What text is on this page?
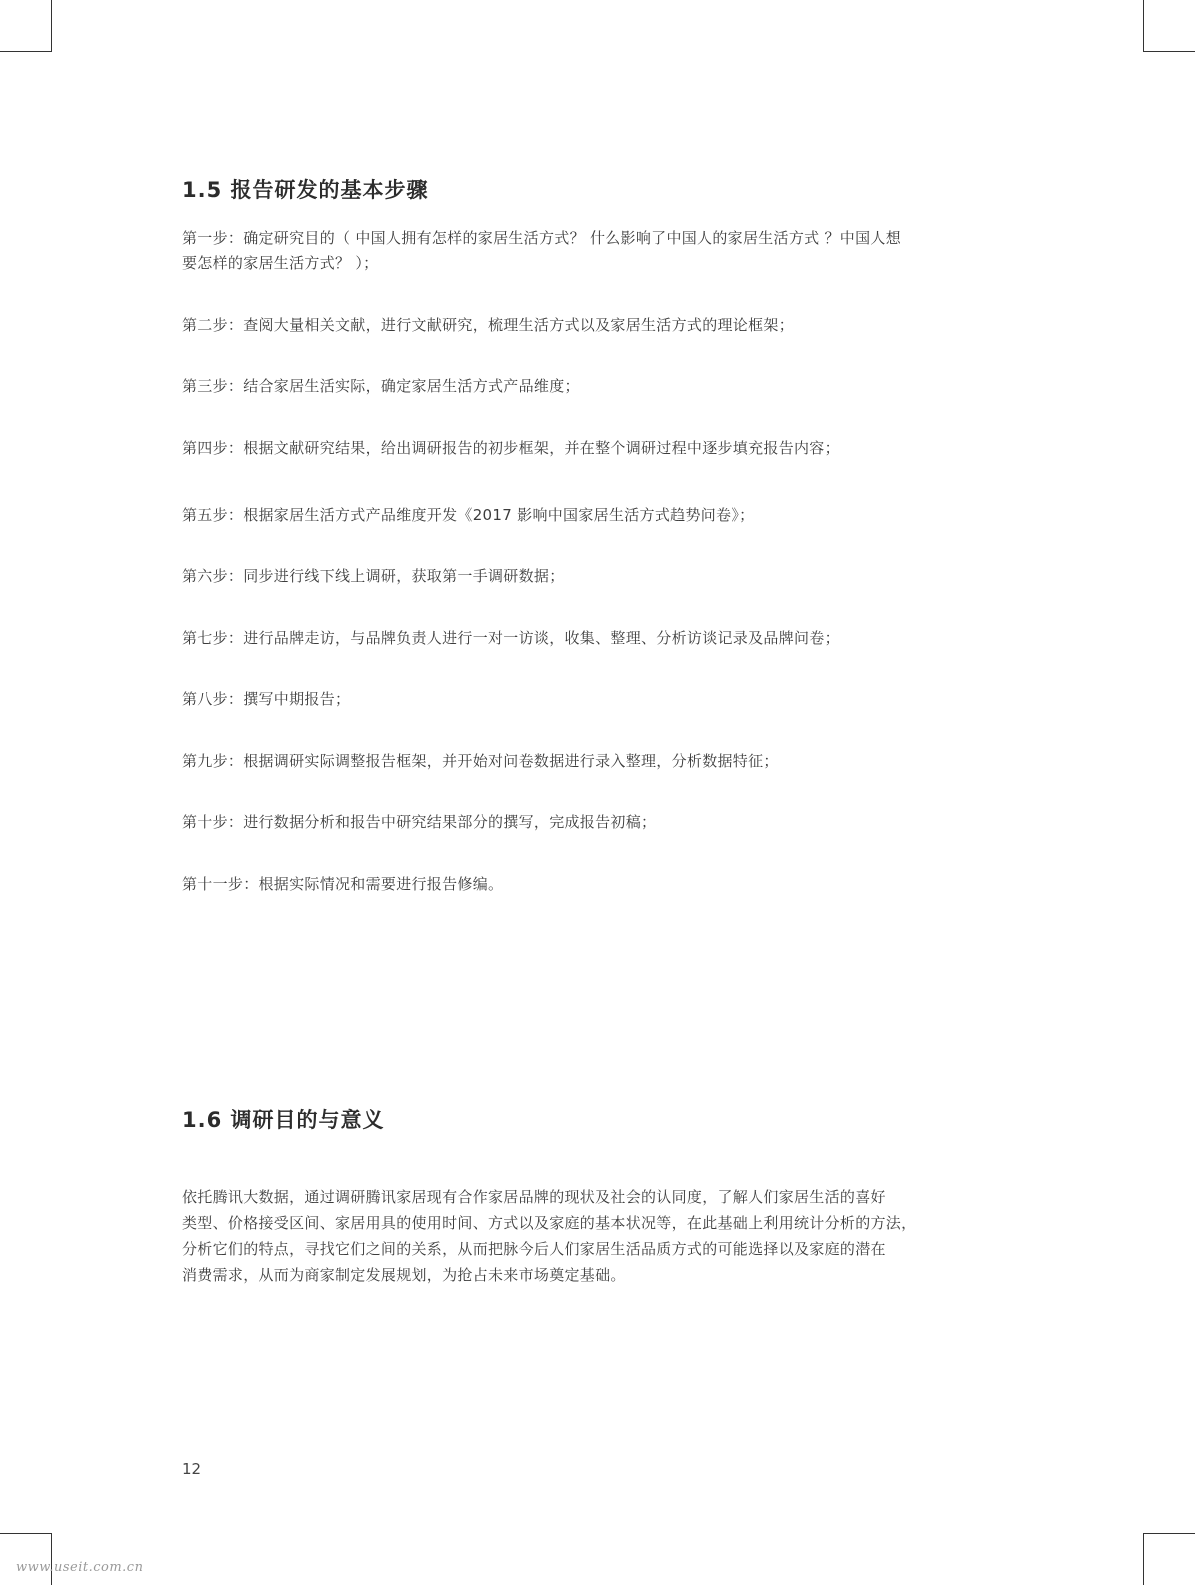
1.5 报告研发的基本步骤

第一步：确定研究目的（ 中国人拥有怎样的家居生活方式？ 什么影响了中国人的家居生活方式 ？中国人想
要怎样的家居生活方式？ ）；

第二步：查阅大量相关文献，进行文献研究，梳理生活方式以及家居生活方式的理论框架；

第三步：结合家居生活实际，确定家居生活方式产品维度；

第四步：根据文献研究结果，给出调研报告的初步框架，并在整个调研过程中逐步填充报告内容；

第五步：根据家居生活方式产品维度开发《2017 影响中国家居生活方式趋势问卷》；

第六步：同步进行线下线上调研，获取第一手调研数据；

第七步：进行品牌走访，与品牌负责人进行一对一访谈，收集、整理、分析访谈记录及品牌问卷；

第八步：撰写中期报告；

第九步：根据调研实际调整报告框架，并开始对问卷数据进行录入整理，分析数据特征；

第十步：进行数据分析和报告中研究结果部分的撰写，完成报告初稿；

第十一步：根据实际情况和需要进行报告修编。

1.6 调研目的与意义

依托腾讯大数据，通过调研腾讯家居现有合作家居品牌的现状及社会的认同度，了解人们家居生活的喜好
类型、价格接受区间、家居用具的使用时间、方式以及家庭的基本状况等，在此基础上利用统计分析的方法，
分析它们的特点，寻找它们之间的关系，从而把脉今后人们家居生活品质方式的可能选择以及家庭的潜在
消费需求，从而为商家制定发展规划，为抢占未来市场奠定基础。

12
www.useit.com.cn
